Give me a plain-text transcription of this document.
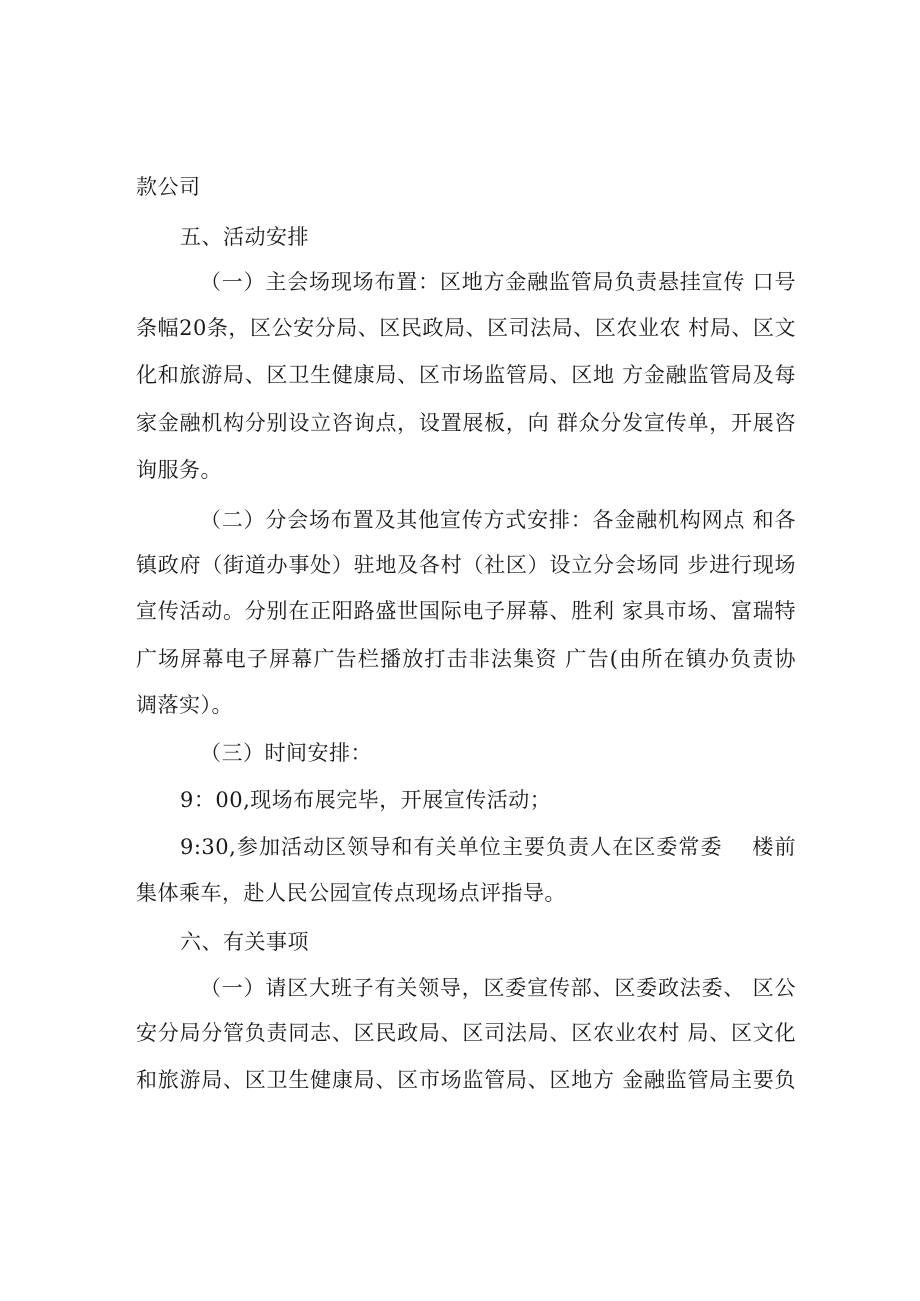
款公司
五、活动安排
（一）主会场现场布置：区地方金融监管局负责悬挂宣传 口号
条幅20条，区公安分局、区民政局、区司法局、区农业农 村局、区文
化和旅游局、区卫生健康局、区市场监管局、区地 方金融监管局及每
家金融机构分别设立咨询点，设置展板，向 群众分发宣传单，开展咨
询服务。
（二）分会场布置及其他宣传方式安排：各金融机构网点 和各
镇政府（街道办事处）驻地及各村（社区）设立分会场同 步进行现场
宣传活动。分别在正阳路盛世国际电子屏幕、胜利 家具市场、富瑞特
广场屏幕电子屏幕广告栏播放打击非法集资 广告(由所在镇办负责协
调落实）。
（三）时间安排：
9：00,现场布展完毕，开展宣传活动；
9:30,参加活动区领导和有关单位主要负责人在区委常委　 楼前
集体乘车，赴人民公园宣传点现场点评指导。
六、有关事项
（一）请区大班子有关领导，区委宣传部、区委政法委、 区公
安分局分管负责同志、区民政局、区司法局、区农业农村 局、区文化
和旅游局、区卫生健康局、区市场监管局、区地方 金融监管局主要负
